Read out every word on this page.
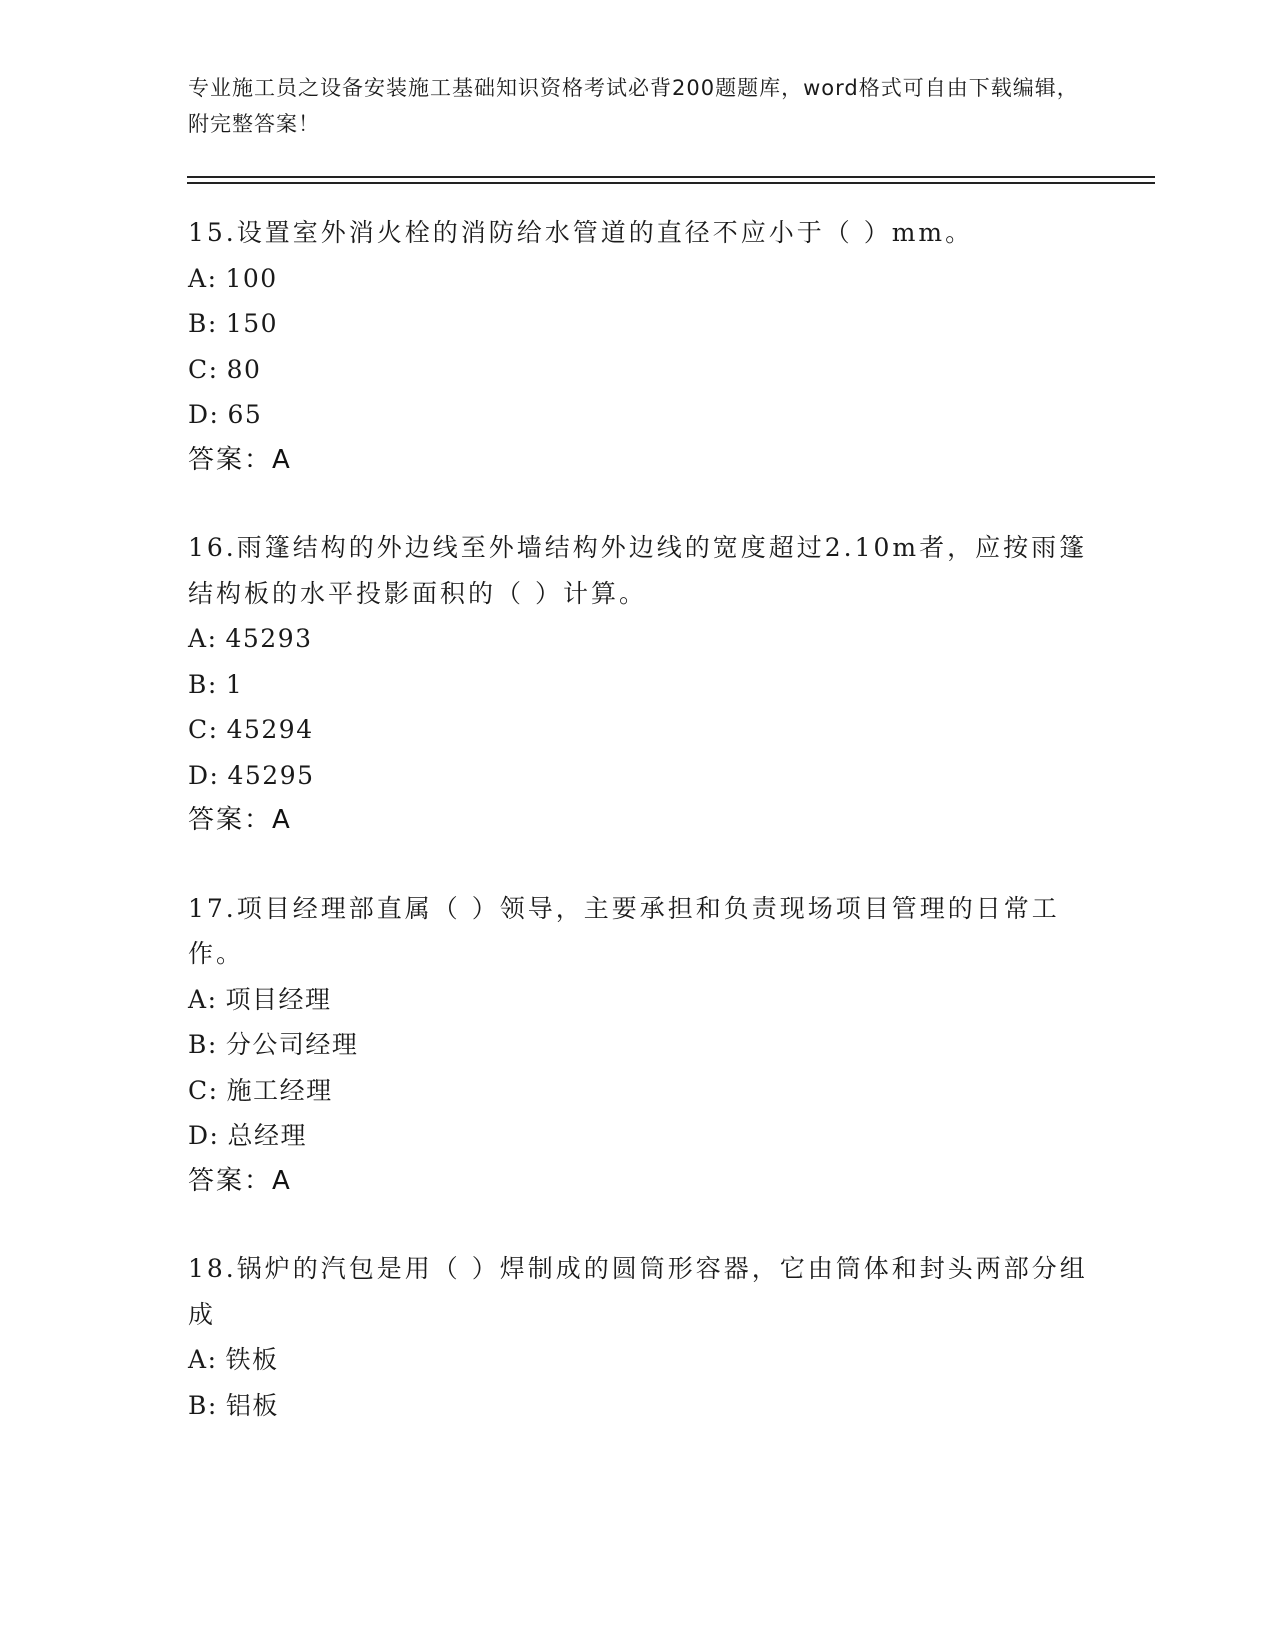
专业施工员之设备安装施工基础知识资格考试必背200题题库，word格式可自由下载编辑，附完整答案！

15.设置室外消火栓的消防给水管道的直径不应小于（ ）mm。

A: 100

B: 150

C: 80

D: 65

答案：A

16.雨篷结构的外边线至外墙结构外边线的宽度超过2.10m者，应按雨篷结构板的水平投影面积的（ ）计算。

A: 45293

B: 1

C: 45294

D: 45295

答案：A

17.项目经理部直属（ ）领导，主要承担和负责现场项目管理的日常工作。

A: 项目经理

B: 分公司经理

C: 施工经理

D: 总经理

答案：A

18.锅炉的汽包是用（ ）焊制成的圆筒形容器，它由筒体和封头两部分组成

A: 铁板

B: 铝板
